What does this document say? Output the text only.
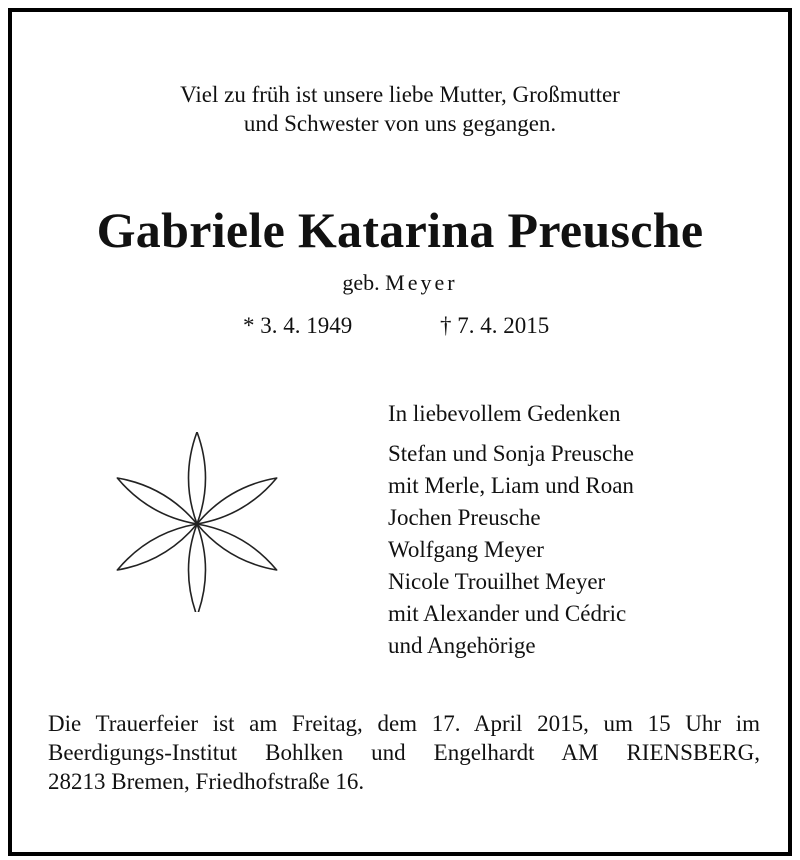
Viel zu früh ist unsere liebe Mutter, Großmutter
und Schwester von uns gegangen.
Gabriele Katarina Preusche
geb. Meyer
* 3. 4. 1949	† 7. 4. 2015
In liebevollem Gedenken
Stefan und Sonja Preusche
mit Merle, Liam und Roan
Jochen Preusche
Wolfgang Meyer
Nicole Trouilhet Meyer
mit Alexander und Cédric
und Angehörige
Die Trauerfeier ist am Freitag, dem 17. April 2015, um 15 Uhr im
Beerdigungs-Institut Bohlken und Engelhardt AM RIENSBERG,
28213 Bremen, Friedhofstraße 16.
